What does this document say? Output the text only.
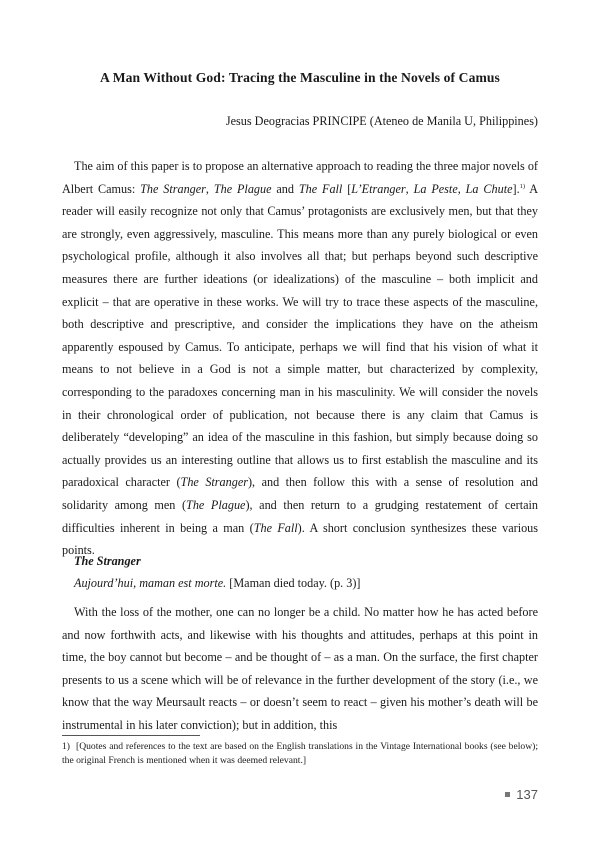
A Man Without God: Tracing the Masculine in the Novels of Camus
Jesus Deogracias PRINCIPE (Ateneo de Manila U, Philippines)

The aim of this paper is to propose an alternative approach to reading the three major novels of Albert Camus: The Stranger, The Plague and The Fall [L’Etranger, La Peste, La Chute].$^{1)}$ A reader will easily recognize not only that Camus’ protagonists are exclusively men, but that they are strongly, even aggressively, masculine. This means more than any purely biological or even psychological profile, although it also involves all that; but perhaps beyond such descriptive measures there are further ideations (or idealizations) of the masculine – both implicit and explicit – that are operative in these works. We will try to trace these aspects of the masculine, both descriptive and prescriptive, and consider the implications they have on the atheism apparently espoused by Camus. To anticipate, perhaps we will find that his vision of what it means to not believe in a God is not a simple matter, but characterized by complexity, corresponding to the paradoxes concerning man in his masculinity. We will consider the novels in their chronological order of publication, not because there is any claim that Camus is deliberately “developing” an idea of the masculine in this fashion, but simply because doing so actually provides us an interesting outline that allows us to first establish the masculine and its paradoxical character (The Stranger), and then follow this with a sense of resolution and solidarity among men (The Plague), and then return to a grudging restatement of certain difficulties inherent in being a man (The Fall). A short conclusion synthesizes these various points.

The Stranger
Aujourd’hui, maman est morte. [Maman died today. (p. 3)]

With the loss of the mother, one can no longer be a child. No matter how he has acted before and now forthwith acts, and likewise with his thoughts and attitudes, perhaps at this point in time, the boy cannot but become – and be thought of – as a man. On the surface, the first chapter presents to us a scene which will be of relevance in the further development of the story (i.e., we know that the way Meursault reacts – or doesn’t seem to react – given his mother’s death will be instrumental in his later conviction); but in addition, this

1) [Quotes and references to the text are based on the English translations in the Vintage International books (see below); the original French is mentioned when it was deemed relevant.]
137
